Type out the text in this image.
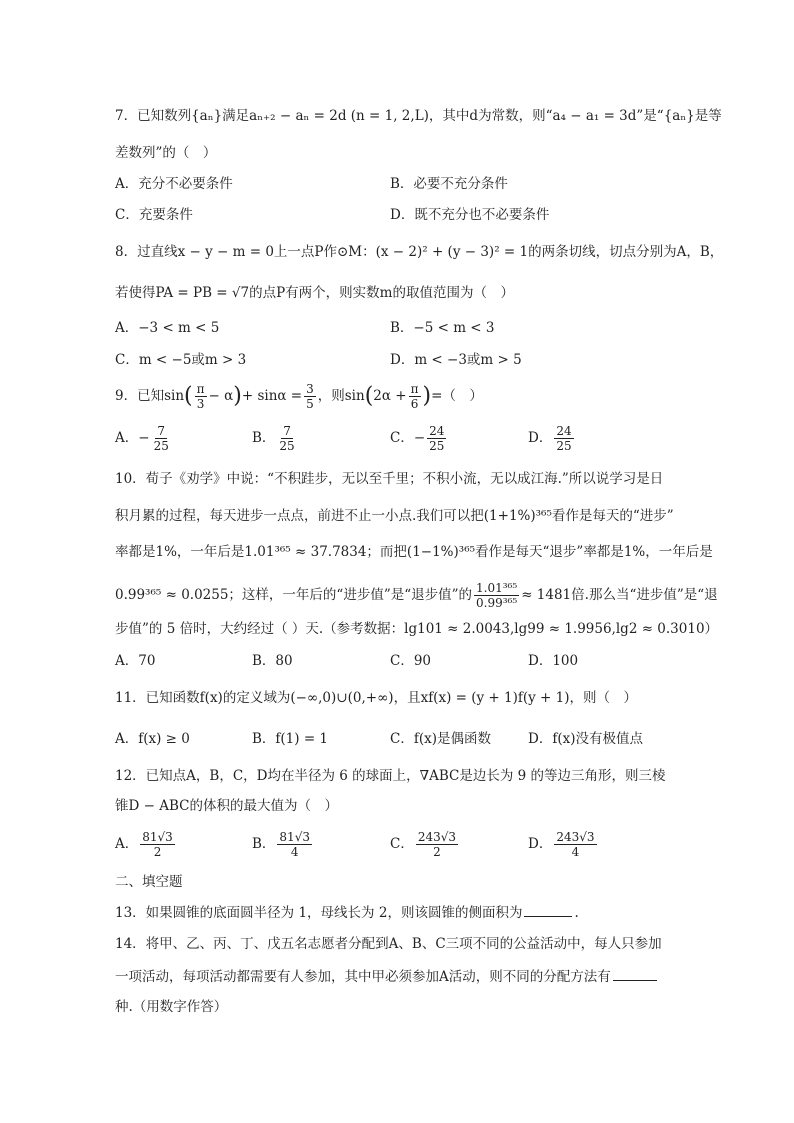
7．已知数列{aₙ}满足aₙ₊₂ − aₙ = 2d (n = 1, 2,L)，其中d为常数，则“a₄ − a₁ = 3d”是“{aₙ}是等
差数列”的（　）
A．充分不必要条件	B．必要不充分条件
C．充要条件	D．既不充分也不必要条件
8．过直线x − y − m = 0上一点P作⊙M：(x − 2)² + (y − 3)² = 1的两条切线，切点分别为A，B，
若使得PA = PB = √7的点P有两个，则实数m的取值范围为（　）
A．−3 < m < 5	B．−5 < m < 3
C．m < −5或m > 3	D．m < −3或m > 5
9．已知$\sin( \frac{\pi}{3} - \alpha)+ \sin\alpha = \frac{3}{5}$ ，则$\sin(2\alpha + \frac{\pi}{6}$ )=（　）
A．− $\frac{7}{25}$	B． $\frac{7}{25}$	C．− $\frac{24}{25}$	D． $\frac{24}{25}$
10．荀子《劝学》中说：“不积跬步，无以至千里；不积小流，无以成江海.”所以说学习是日
积月累的过程，每天进步一点点，前进不止一小点.我们可以把(1+1%)³⁶⁵看作是每天的“进步”
率都是1%，一年后是1.01³⁶⁵ ≈ 37.7834；而把(1−1%)³⁶⁵看作是每天“退步”率都是1%，一年后是
0.99³⁶⁵ ≈ 0.0255；这样，一年后的“进步值”是“退步值”的 $\frac{\text{1.01³⁶⁵}}{\text{0.99³⁶⁵}} \approx 1481$倍.那么当“进步值”是“退
步值”的 5 倍时，大约经过（ ）天.（参考数据：lg101 ≈ 2.0043,lg99 ≈ 1.9956,lg2 ≈ 0.3010）
A．70	B．80	C．90	D．100
11．已知函数f(x)的定义域为(−∞,0)∪(0,+∞)，且xf(x) = (y + 1)f(y + 1)，则（　）
A．f(x) ≥ 0	B．f(1) = 1	C．f(x)是偶函数	D．f(x)没有极值点
12．已知点A，B，C，D均在半径为 6 的球面上，∇ABC是边长为 9 的等边三角形，则三棱
锥D − ABC的体积的最大值为（　）
A． $\frac{81√3}{2}$	B． $\frac{81√3}{4}$	C． $\frac{243√3}{2}$	D． $\frac{243√3}{4}$
二、填空题
13．如果圆锥的底面圆半径为 1，母线长为 2，则该圆锥的侧面积为	.
14．将甲、乙、丙、丁、戊五名志愿者分配到A、B、C三项不同的公益活动中，每人只参加
一项活动，每项活动都需要有人参加，其中甲必须参加A活动，则不同的分配方法有
种.（用数字作答）
